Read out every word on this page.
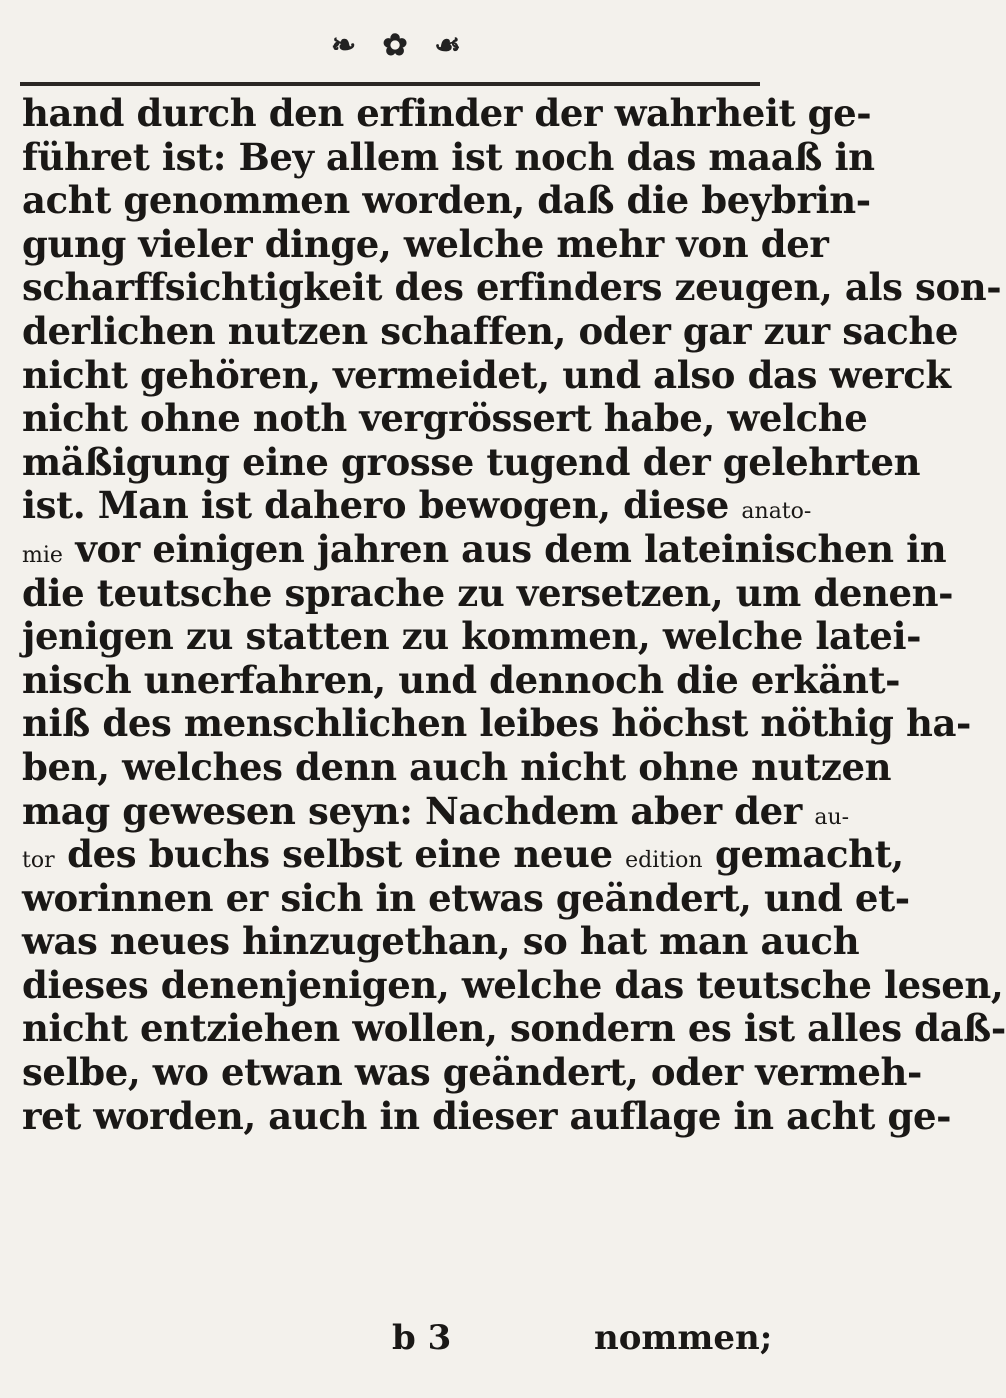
❧ ✿ ☙
hand durch den erfinder der wahrheit ge-
führet ist: Bey allem ist noch das maaß in
acht genommen worden, daß die beybrin-
gung vieler dinge, welche mehr von der
scharffsichtigkeit des erfinders zeugen, als son-
derlichen nutzen schaffen, oder gar zur sache
nicht gehören, vermeidet, und also das werck
nicht ohne noth vergrössert habe, welche
mäßigung eine grosse tugend der gelehrten
ist. Man ist dahero bewogen, diese anato-
mie vor einigen jahren aus dem lateinischen in
die teutsche sprache zu versetzen, um denen-
jenigen zu statten zu kommen, welche latei-
nisch unerfahren, und dennoch die erkänt-
niß des menschlichen leibes höchst nöthig ha-
ben, welches denn auch nicht ohne nutzen
mag gewesen seyn: Nachdem aber der au-
tor des buchs selbst eine neue edition gemacht,
worinnen er sich in etwas geändert, und et-
was neues hinzugethan, so hat man auch
dieses denenjenigen, welche das teutsche lesen,
nicht entziehen wollen, sondern es ist alles daß-
selbe, wo etwan was geändert, oder vermeh-
ret worden, auch in dieser auflage in acht ge-
b 3	nommen;
